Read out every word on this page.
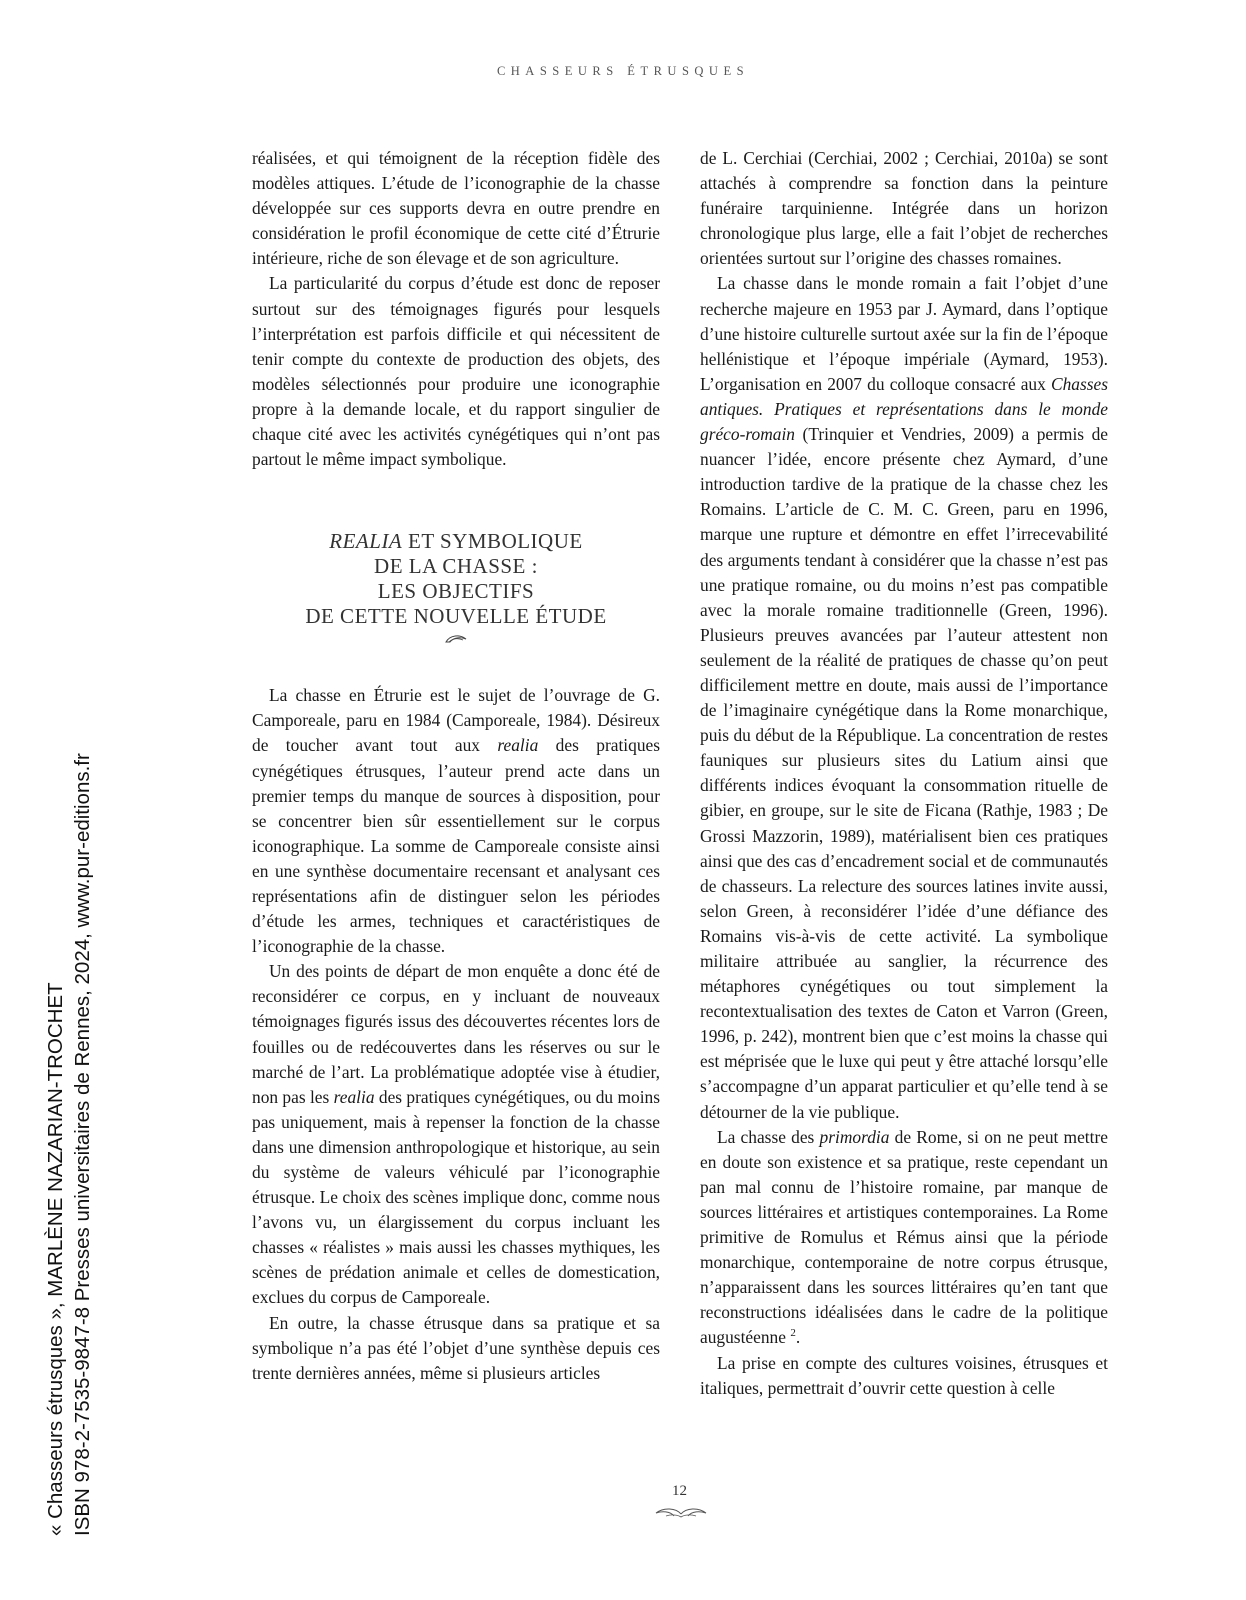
CHASSEURS ÉTRUSQUES

réalisées, et qui témoignent de la réception fidèle des modèles attiques. L’étude de l’iconographie de la chasse développée sur ces supports devra en outre prendre en considération le profil économique de cette cité d’Étrurie intérieure, riche de son élevage et de son agriculture.

La particularité du corpus d’étude est donc de reposer surtout sur des témoignages figurés pour lesquels l’interprétation est parfois difficile et qui nécessitent de tenir compte du contexte de production des objets, des modèles sélectionnés pour produire une iconographie propre à la demande locale, et du rapport singulier de chaque cité avec les activités cynégétiques qui n’ont pas partout le même impact symbolique.

REALIA ET SYMBOLIQUE
DE LA CHASSE :
LES OBJECTIFS
DE CETTE NOUVELLE ÉTUDE

La chasse en Étrurie est le sujet de l’ouvrage de G. Camporeale, paru en 1984 (Camporeale, 1984). Désireux de toucher avant tout aux realia des pratiques cynégétiques étrusques, l’auteur prend acte dans un premier temps du manque de sources à disposition, pour se concentrer bien sûr essentiellement sur le corpus iconographique. La somme de Camporeale consiste ainsi en une synthèse documentaire recensant et analysant ces représentations afin de distinguer selon les périodes d’étude les armes, techniques et caractéristiques de l’iconographie de la chasse.

Un des points de départ de mon enquête a donc été de reconsidérer ce corpus, en y incluant de nouveaux témoignages figurés issus des découvertes récentes lors de fouilles ou de redécouvertes dans les réserves ou sur le marché de l’art. La problématique adoptée vise à étudier, non pas les realia des pratiques cynégétiques, ou du moins pas uniquement, mais à repenser la fonction de la chasse dans une dimension anthropologique et historique, au sein du système de valeurs véhiculé par l’iconographie étrusque. Le choix des scènes implique donc, comme nous l’avons vu, un élargissement du corpus incluant les chasses « réalistes » mais aussi les chasses mythiques, les scènes de prédation animale et celles de domestication, exclues du corpus de Camporeale.

En outre, la chasse étrusque dans sa pratique et sa symbolique n’a pas été l’objet d’une synthèse depuis ces trente dernières années, même si plusieurs articles

de L. Cerchiai (Cerchiai, 2002 ; Cerchiai, 2010a) se sont attachés à comprendre sa fonction dans la peinture funéraire tarquinienne. Intégrée dans un horizon chronologique plus large, elle a fait l’objet de recherches orientées surtout sur l’origine des chasses romaines.

La chasse dans le monde romain a fait l’objet d’une recherche majeure en 1953 par J. Aymard, dans l’optique d’une histoire culturelle surtout axée sur la fin de l’époque hellénistique et l’époque impériale (Aymard, 1953). L’organisation en 2007 du colloque consacré aux Chasses antiques. Pratiques et représentations dans le monde gréco-romain (Trinquier et Vendries, 2009) a permis de nuancer l’idée, encore présente chez Aymard, d’une introduction tardive de la pratique de la chasse chez les Romains. L’article de C. M. C. Green, paru en 1996, marque une rupture et démontre en effet l’irrecevabilité des arguments tendant à considérer que la chasse n’est pas une pratique romaine, ou du moins n’est pas compatible avec la morale romaine traditionnelle (Green, 1996). Plusieurs preuves avancées par l’auteur attestent non seulement de la réalité de pratiques de chasse qu’on peut difficilement mettre en doute, mais aussi de l’importance de l’imaginaire cynégétique dans la Rome monarchique, puis du début de la République. La concentration de restes fauniques sur plusieurs sites du Latium ainsi que différents indices évoquant la consommation rituelle de gibier, en groupe, sur le site de Ficana (Rathje, 1983 ; De Grossi Mazzorin, 1989), matérialisent bien ces pratiques ainsi que des cas d’encadrement social et de communautés de chasseurs. La relecture des sources latines invite aussi, selon Green, à reconsidérer l’idée d’une défiance des Romains vis-à-vis de cette activité. La symbolique militaire attribuée au sanglier, la récurrence des métaphores cynégétiques ou tout simplement la recontextualisation des textes de Caton et Varron (Green, 1996, p. 242), montrent bien que c’est moins la chasse qui est méprisée que le luxe qui peut y être attaché lorsqu’elle s’accompagne d’un apparat particulier et qu’elle tend à se détourner de la vie publique.

La chasse des primordia de Rome, si on ne peut mettre en doute son existence et sa pratique, reste cependant un pan mal connu de l’histoire romaine, par manque de sources littéraires et artistiques contemporaines. La Rome primitive de Romulus et Rémus ainsi que la période monarchique, contemporaine de notre corpus étrusque, n’apparaissent dans les sources littéraires qu’en tant que reconstructions idéalisées dans le cadre de la politique augustéenne $^2$.

La prise en compte des cultures voisines, étrusques et italiques, permettrait d’ouvrir cette question à celle

12
« Chasseurs étrusques », MARLÈNE NAZARIAN-TROCHET ISBN 978-2-7535-9847-8 Presses universitaires de Rennes, 2024, www.pur-editions.fr
